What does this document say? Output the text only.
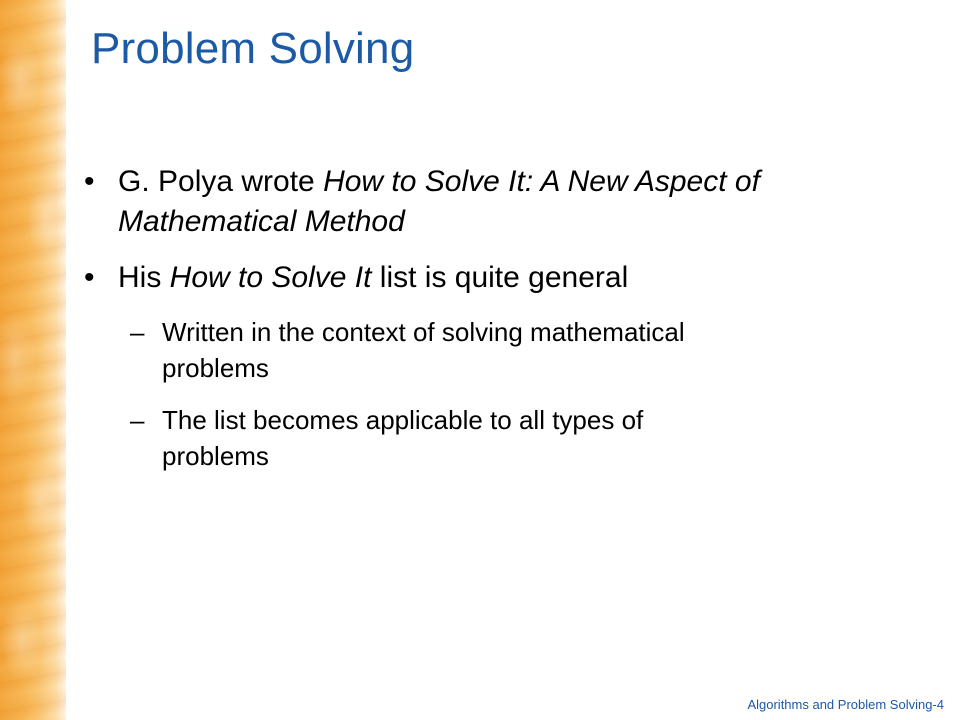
Problem Solving
• G. Polya wrote How to Solve It: A New Aspect of Mathematical Method
• His How to Solve It list is quite general
– Written in the context of solving mathematical problems
– The list becomes applicable to all types of problems
Algorithms and Problem Solving-4
